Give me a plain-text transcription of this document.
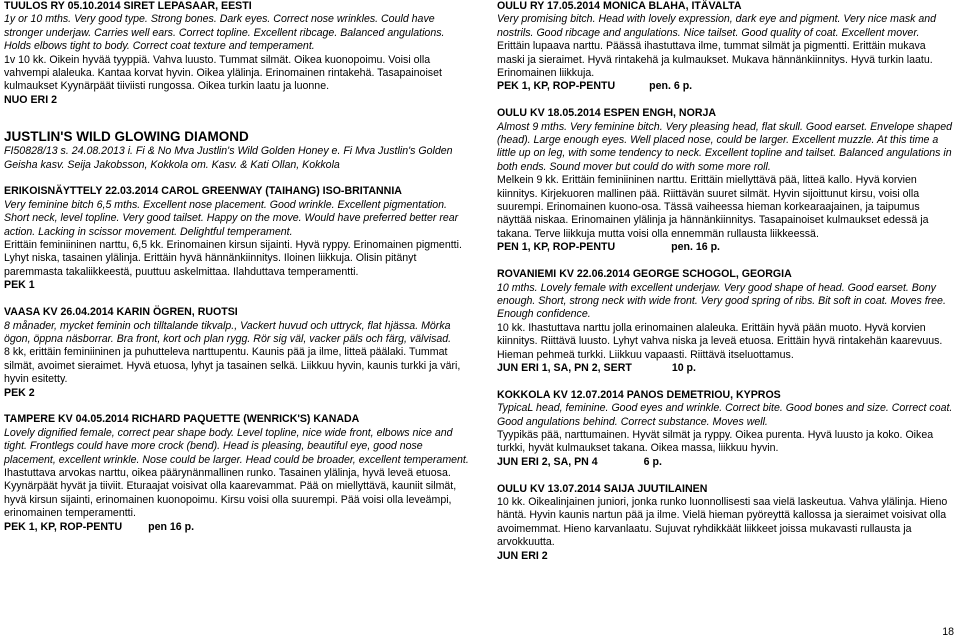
TUULOS RY 05.10.2014 SIRET LEPASAAR, EESTI

1y or 10 mths. Very good type. Strong bones. Dark eyes. Correct nose wrinkles. Could have stronger underjaw. Carries well ears. Correct topline. Excellent ribcage. Balanced angulations. Holds elbows tight to body. Correct coat texture and temperament.

1v 10 kk. Oikein hyvää tyyppiä. Vahva luusto. Tummat silmät. Oikea kuonopoimu. Voisi olla vahvempi alaleuka. Kantaa korvat hyvin. Oikea ylälinja. Erinomainen rintakehä. Tasapainoiset kulmaukset Kyynärpäät tiiviisti rungossa. Oikea turkin laatu ja luonne.

NUO ERI 2

JUSTLIN'S WILD GLOWING DIAMOND

FI50828/13 s. 24.08.2013 i. Fi & No Mva Justlin's Wild Golden Honey e. Fi Mva Justlin's Golden Geisha kasv. Seija Jakobsson, Kokkola om. Kasv. & Kati Ollan, Kokkola

ERIKOISNÄYTTELY 22.03.2014 CAROL GREENWAY (TAIHANG) ISO-BRITANNIA

Very feminine bitch 6,5 mths. Excellent nose placement. Good wrinkle. Excellent pigmentation. Short neck, level topline. Very good tailset. Happy on the move. Would have preferred better rear action. Lacking in scissor movement. Delightful temperament.

Erittäin feminiininen narttu, 6,5 kk. Erinomainen kirsun sijainti. Hyvä ryppy. Erinomainen pigmentti. Lyhyt niska, tasainen ylälinja. Erittäin hyvä hännänkiinnitys. Iloinen liikkuja. Olisin pitänyt paremmasta takaliikkeestä, puuttuu askelmittaa. Ilahduttava temperamentti.

PEK 1

VAASA KV 26.04.2014 KARIN ÖGREN, RUOTSI

8 månader, mycket feminin och tilltalande tikvalp., Vackert huvud och uttryck, flat hjässa. Mörka ögon, öppna näsborrar. Bra front, kort och plan rygg. Rör sig väl, vacker päls och färg, välvisad.

8 kk, erittäin feminiininen ja puhutteleva narttupentu. Kaunis pää ja ilme, litteä päälaki. Tummat silmät, avoimet sieraimet. Hyvä etuosa, lyhyt ja tasainen selkä. Liikkuu hyvin, kaunis turkki ja väri, hyvin esitetty.

PEK 2

TAMPERE KV 04.05.2014 RICHARD PAQUETTE (WENRICK'S) KANADA

Lovely dignified female, correct pear shape body. Level topline, nice wide front, elbows nice and tight. Frontlegs could have more crock (bend). Head is pleasing, beautiful eye, good nose placement, excellent wrinkle. Nose could be larger. Head could be broader, excellent temperament.

Ihastuttava arvokas narttu, oikea päärynänmallinen runko. Tasainen ylälinja, hyvä leveä etuosa. Kyynärpäät hyvät ja tiiviit. Eturaajat voisivat olla kaarevammat. Pää on miellyttävä, kauniit silmät, hyvä kirsun sijainti, erinomainen kuonopoimu. Kirsu voisi olla suurempi. Pää voisi olla leveämpi, erinomainen temperamentti.

PEK 1, KP, ROP-PENTU pen 16 p.

OULU RY 17.05.2014 MONICA BLAHA, ITÄVALTA

Very promising bitch. Head with lovely expression, dark eye and pigment. Very nice mask and nostrils. Good ribcage and angulations. Nice tailset. Good quality of coat. Excellent mover.

Erittäin lupaava narttu. Päässä ihastuttava ilme, tummat silmät ja pigmentti. Erittäin mukava maski ja sieraimet. Hyvä rintakehä ja kulmaukset. Mukava hännänkiinnitys. Hyvä turkin laatu. Erinomainen liikkuja.

PEK 1, KP, ROP-PENTU	pen. 6 p.

OULU KV 18.05.2014 ESPEN ENGH, NORJA

Almost 9 mths. Very feminine bitch. Very pleasing head, flat skull. Good earset. Envelope shaped (head). Large enough eyes. Well placed nose, could be larger. Excellent muzzle. At this time a little up on leg, with some tendency to neck. Excellent topline and tailset. Balanced angulations in both ends. Sound mover but could do with some more roll.

Melkein 9 kk. Erittäin feminiininen narttu. Erittäin miellyttävä pää, litteä kallo. Hyvä korvien kiinnitys. Kirjekuoren mallinen pää. Riittävän suuret silmät. Hyvin sijoittunut kirsu, voisi olla suurempi. Erinomainen kuono-osa. Tässä vaiheessa hieman korkearaajainen, ja taipumus näyttää niskaa. Erinomainen ylälinja ja hännänkiinnitys. Tasapainoiset kulmaukset edessä ja takana. Terve liikkuja mutta voisi olla ennemmän rullausta liikkeessä.

PEN 1, KP, ROP-PENTU	pen. 16 p.

ROVANIEMI KV 22.06.2014 GEORGE SCHOGOL, GEORGIA

10 mths. Lovely female with excellent underjaw. Very good shape of head. Good earset. Bony enough. Short, strong neck with wide front. Very good spring of ribs. Bit soft in coat. Moves free. Enough confidence.

10 kk. Ihastuttava narttu jolla erinomainen alaleuka. Erittäin hyvä pään muoto. Hyvä korvien kiinnitys. Riittävä luusto. Lyhyt vahva niska ja leveä etuosa. Erittäin hyvä rintakehän kaarevuus. Hieman pehmeä turkki. Liikkuu vapaasti. Riittävä itseluottamus.

JUN ERI 1, SA, PN 2, SERT	10 p.

KOKKOLA KV 12.07.2014 PANOS DEMETRIOU, KYPROS

TypicaL head, feminine. Good eyes and wrinkle. Correct bite. Good bones and size. Correct coat. Good angulations behind. Correct substance. Moves well.

Tyypikäs pää, narttumainen. Hyvät silmät ja ryppy. Oikea purenta. Hyvä luusto ja koko. Oikea turkki, hyvät kulmaukset takana. Oikea massa, liikkuu hyvin.

JUN ERI 2, SA, PN 4	6 p.

OULU KV 13.07.2014 SAIJA JUUTILAINEN

10 kk. Oikealinjainen juniori, jonka runko luonnollisesti saa vielä laskeutua. Vahva ylälinja. Hieno häntä. Hyvin kaunis nartun pää ja ilme. Vielä hieman pyöreyttä kallossa ja sieraimet voisivat olla avoimemmat. Hieno karvanlaatu. Sujuvat ryhdikkäät liikkeet joissa mukavasti rullausta ja arvokkuutta.

JUN ERI 2

18
